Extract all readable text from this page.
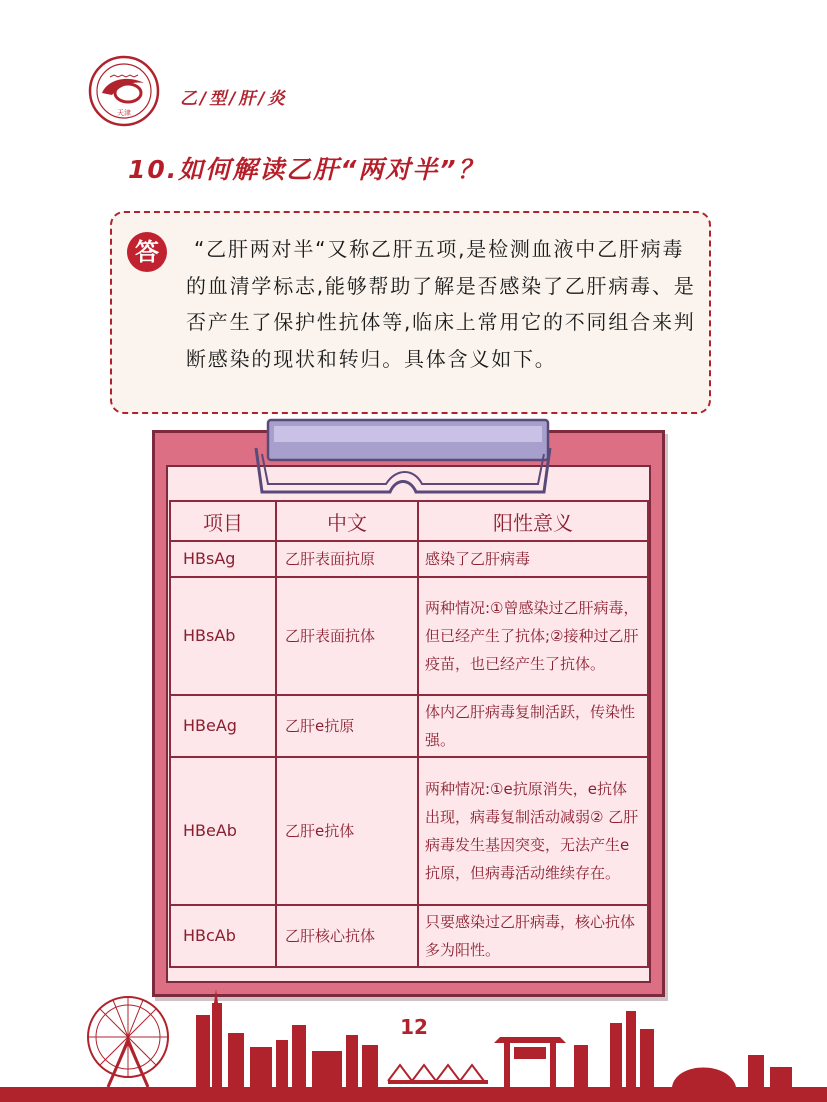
天津
乙/型/肝/炎
10.如何解读乙肝“两对半”？
答	“乙肝两对半“又称乙肝五项,是检测血液中乙肝病毒的血清学标志,能够帮助了解是否感染了乙肝病毒、是否产生了保护性抗体等,临床上常用它的不同组合来判断感染的现状和转归。具体含义如下。
项目	中文	阳性意义
HBsAg	乙肝表面抗原	感染了乙肝病毒
HBsAb	乙肝表面抗体	两种情况:①曾感染过乙肝病毒，但已经产生了抗体;②接种过乙肝疫苗，也已经产生了抗体。
HBeAg	乙肝e抗原	体内乙肝病毒复制活跃，传染性强。
HBeAb	乙肝e抗体	两种情况:①e抗原消失，e抗体出现，病毒复制活动减弱② 乙肝病毒发生基因突变，无法产生e抗原，但病毒活动维续存在。
HBcAb	乙肝核心抗体	只要感染过乙肝病毒，核心抗体多为阳性。
12
